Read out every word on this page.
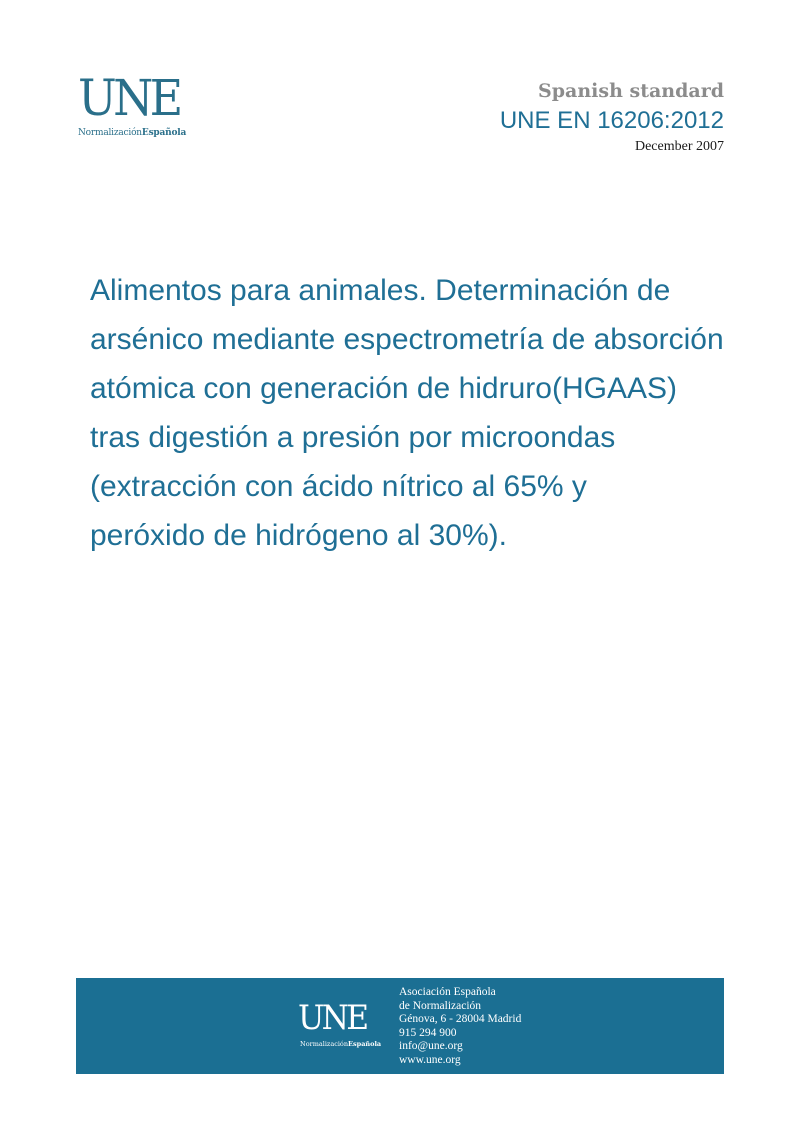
UNE
NormalizaciónEspañola
Spanish standard
UNE EN 16206:2012
December 2007
Alimentos para animales. Determinación de
arsénico mediante espectrometría de absorción
atómica con generación de hidruro(HGAAS)
tras digestión a presión por microondas
(extracción con ácido nítrico al 65% y
peróxido de hidrógeno al 30%).
UNE
NormalizaciónEspañola
Asociación Española
de Normalización
Génova, 6 - 28004 Madrid
915 294 900
info@une.org
www.une.org
